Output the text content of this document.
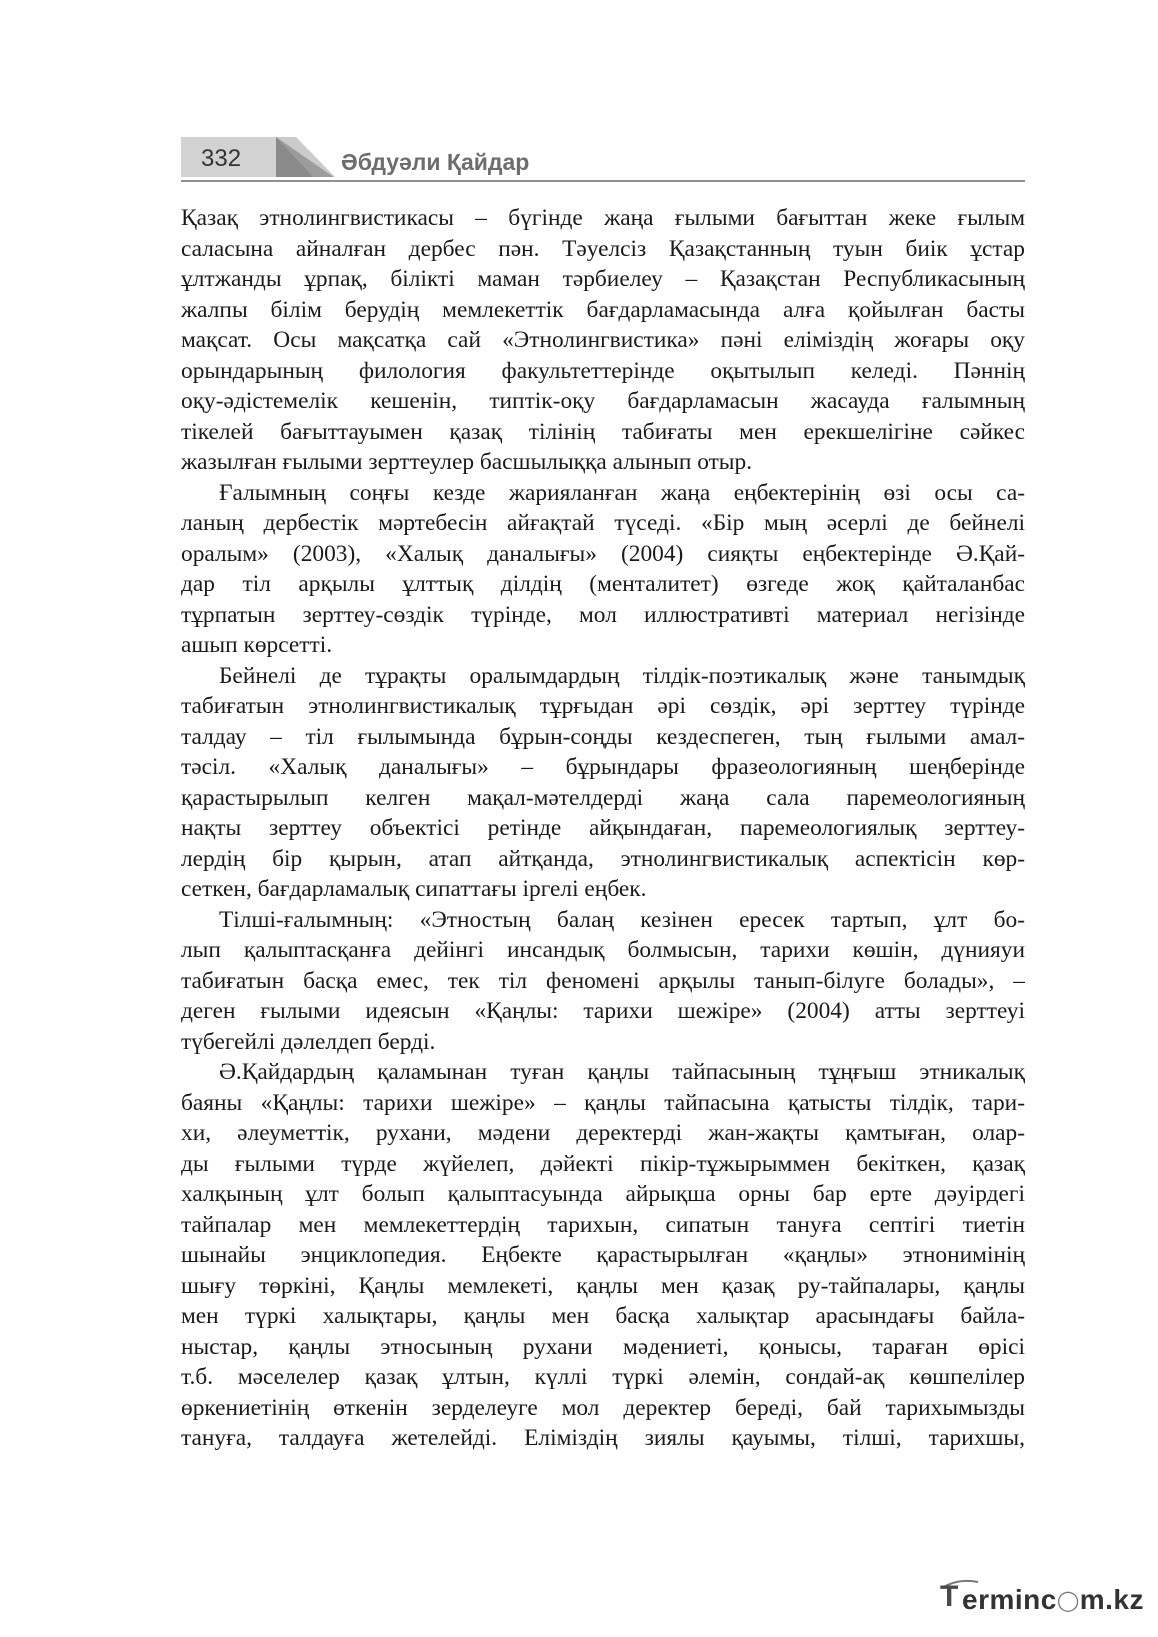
332	Әбдуәли Қайдар

Қазақ этнолингвистикасы – бүгінде жаңа ғылыми бағыттан жеке ғылым

саласына айналған дербес пән. Тәуелсіз Қазақстанның туын биік ұстар

ұлтжанды ұрпақ, білікті маман тәрбиелеу – Қазақстан Республикасының

жалпы білім берудің мемлекеттік бағдарламасында алға қойылған басты

мақсат. Осы мақсатқа сай «Этнолингвистика» пәні еліміздің жоғары оқу

орындарының филология факультеттерінде оқытылып келеді. Пәннің

оқу-әдістемелік кешенін, типтік-оқу бағдарламасын жасауда ғалымның

тікелей бағыттауымен қазақ тілінің табиғаты мен ерекшелігіне сәйкес

жазылған ғылыми зерттеулер басшылыққа алынып отыр.

Ғалымның соңғы кезде жарияланған жаңа еңбектерінің өзі осы са-

ланың дербестік мәртебесін айғақтай түседі. «Бір мың әсерлі де бейнелі

оралым» (2003), «Халық даналығы» (2004) сияқты еңбектерінде Ә.Қай-

дар тіл арқылы ұлттық ділдің (менталитет) өзгеде жоқ қайталанбас

тұрпатын зерттеу-сөздік түрінде, мол иллюстративті материал негізінде

ашып көрсетті.

Бейнелі де тұрақты оралымдардың тілдік-поэтикалық және танымдық

табиғатын этнолингвистикалық тұрғыдан әрі сөздік, әрі зерттеу түрінде

талдау – тіл ғылымында бұрын-соңды кездеспеген, тың ғылыми амал-

тәсіл. «Халық даналығы» – бұрындары фразеологияның шеңберінде

қарастырылып келген мақал-мәтелдерді жаңа сала паремеологияның

нақты зерттеу объектісі ретінде айқындаған, паремеологиялық зерттеу-

лердің бір қырын, атап айтқанда, этнолингвистикалық аспектісін көр-

сеткен, бағдарламалық сипаттағы іргелі еңбек.

Тілші-ғалымның: «Этностың балаң кезінен ересек тартып, ұлт бо-

лып қалыптасқанға дейінгі инсандық болмысын, тарихи көшін, дүнияуи

табиғатын басқа емес, тек тіл феномені арқылы танып-білуге болады», –

деген ғылыми идеясын «Қаңлы: тарихи шежіре» (2004) атты зерттеуі

түбегейлі дәлелдеп берді.

Ә.Қайдардың қаламынан туған қаңлы тайпасының тұңғыш этникалық

баяны «Қаңлы: тарихи шежіре» – қаңлы тайпасына қатысты тілдік, тари-

хи, әлеуметтік, рухани, мәдени деректерді жан-жақты қамтыған, олар-

ды ғылыми түрде жүйелеп, дәйекті пікір-тұжырыммен бекіткен, қазақ

халқының ұлт болып қалыптасуында айрықша орны бар ерте дәуірдегі

тайпалар мен мемлекеттердің тарихын, сипатын тануға септігі тиетін

шынайы энциклопедия. Еңбекте қарастырылған «қаңлы» этнонимінің

шығу төркіні, Қаңлы мемлекеті, қаңлы мен қазақ ру-тайпалары, қаңлы

мен түркі халықтары, қаңлы мен басқа халықтар арасындағы байла-

ныстар, қаңлы этносының рухани мәдениеті, қонысы, тараған өрісі

т.б. мәселелер қазақ ұлтын, күллі түркі әлемін, сондай-ақ көшпелілер

өркениетінің өткенін зерделеуге мол деректер береді, бай тарихымызды

тануға, талдауға жетелейді. Еліміздің зиялы қауымы, тілші, тарихшы,

T erminc◯m.kz
